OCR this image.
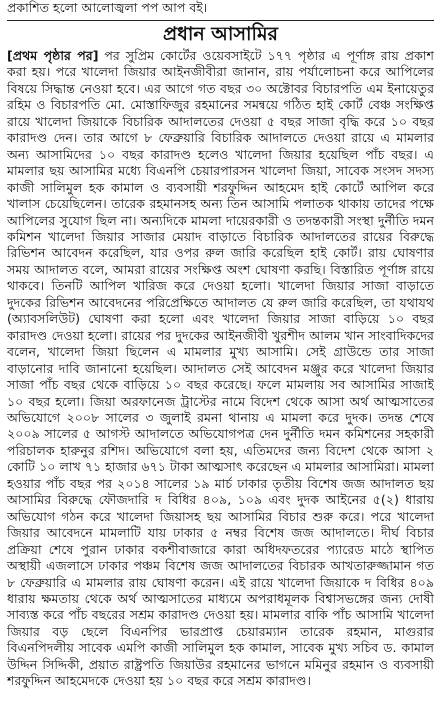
প্রকাশিত হলো আলোজ্বলা পপ আপ বই।
প্রধান আসামির
[প্রথম পৃষ্ঠার পর] পর সুপ্রিম কোর্টের ওয়েবসাইটে ১৭৭ পৃষ্ঠার এ পূর্ণাঙ্গ রায় প্রকাশ করা হয়। পরে খালেদা জিয়ার আইনজীবীরা জানান, রায় পর্যালোচনা করে আপিলের বিষয়ে সিদ্ধান্ত নেওয়া হবে। এর আগে গত বছর ৩০ অক্টোবর বিচারপতি এম ইনায়েতুর রহিম ও বিচারপতি মো. মোস্তাফিজুর রহমানের সমন্বয়ে গঠিত হাই কোর্ট বেঞ্চ সংক্ষিপ্ত রায়ে খালেদা জিয়াকে বিচারিক আদালতের দেওয়া ৫ বছর সাজা বৃদ্ধি করে ১০ বছর কারাদণ্ড দেন। তার আগে ৮ ফেব্রুয়ারি বিচারিক আদালতে দেওয়া রায়ে এ মামলার অন্য আসামিদের ১০ বছর কারাদণ্ড হলেও খালেদা জিয়ার হয়েছিল পাঁচ বছর। এ মামলার ছয় আসামির মধ্যে বিএনপি চেয়ারপারসন খালেদা জিয়া, সাবেক সংসদ সদস্য কাজী সালিমুল হক কামাল ও ব্যবসায়ী শরফুদ্দিন আহমেদ হাই কোর্টে আপিল করে খালাস চেয়েছিলেন। তারেক রহমানসহ অন্য তিন আসামি পলাতক থাকায় তাদের পক্ষে আপিলের সুযোগ ছিল না। অন্যদিকে মামলা দায়েরকারী ও তদন্তকারী সংস্থা দুর্নীতি দমন কমিশন খালেদা জিয়ার সাজার মেয়াদ বাড়াতে বিচারিক আদালতের রায়ের বিরুদ্ধে রিভিশন আবেদন করেছিল, যার ওপর রুল জারি করেছিল হাই কোর্ট। রায় ঘোষণার সময় আদালত বলে, আমরা রায়ের সংক্ষিপ্ত অংশ ঘোষণা করছি। বিস্তারিত পূর্ণাঙ্গ রায়ে থাকবে। তিনটি আপিল খারিজ করে দেওয়া হলো। খালেদা জিয়ার সাজা বাড়াতে দুদকের রিভিশন আবেদনের পরিপ্রেক্ষিতে আদালত যে রুল জারি করেছিল, তা যথাযথ (অ্যাবসলিউট) ঘোষণা করা হলো এবং খালেদা জিয়ার সাজা বাড়িয়ে ১০ বছর কারাদণ্ড দেওয়া হলো। রায়ের পর দুদকের আইনজীবী খুরশীদ আলম খান সাংবাদিকদের বলেন, খালেদা জিয়া ছিলেন এ মামলার মুখ্য আসামি। সেই গ্রাউন্ডে তার সাজা বাড়ানোর দাবি জানানো হয়েছিল। আদালত সেই আবেদন মঞ্জুর করে খালেদা জিয়ার সাজা পাঁচ বছর থেকে বাড়িয়ে ১০ বছর করেছে। ফলে মামলায় সব আসামির সাজাই ১০ বছর হলো। জিয়া অরফানেজ ট্রাস্টের নামে বিদেশ থেকে আসা অর্থ আত্মসাতের অভিযোগে ২০০৮ সালের ৩ জুলাই রমনা থানায় এ মামলা করে দুদক। তদন্ত শেষে ২০০৯ সালের ৫ আগস্ট আদালতে অভিযোগপত্র দেন দুর্নীতি দমন কমিশনের সহকারী পরিচালক হারুনুর রশিদ। অভিযোগে বলা হয়, এতিমদের জন্য বিদেশ থেকে আসা ২ কোটি ১০ লাখ ৭১ হাজার ৬৭১ টাকা আত্মসাৎ করেছেন এ মামলার আসামিরা। মামলা হওয়ার পাঁচ বছর পর ২০১৪ সালের ১৯ মার্চ ঢাকার তৃতীয় বিশেষ জজ আদালত ছয় আসামির বিরুদ্ধে ফৌজদারি দ বিধির ৪০৯, ১০৯ এবং দুদক আইনের ৫(২) ধারায় অভিযোগ গঠন করে খালেদা জিয়াসহ ছয় আসামির বিচার শুরু করে। পরে খালেদা জিয়ার আবেদনে মামলাটি যায় ঢাকার ৫ নম্বর বিশেষ জজ আদালতে। দীর্ঘ বিচার প্রক্রিয়া শেষে পুরান ঢাকার বকশীবাজারে কারা অধিদফতরের প্যারেড মাঠে স্থাপিত অস্থায়ী এজলাসে ঢাকার পঞ্চম বিশেষ জজ আদালতের বিচারক আখতারুজ্জামান গত ৮ ফেব্রুয়ারি এ মামলার রায় ঘোষণা করেন। এই রায়ে খালেদা জিয়াকে দ বিধির ৪০৯ ধারায় ক্ষমতায় থেকে অর্থ আত্মসাতের মাধ্যমে অপরাধমূলক বিশ্বাসভঙ্গের জন্য দোষী সাব্যস্ত করে পাঁচ বছরের সশ্রম কারাদণ্ড দেওয়া হয়। মামলার বাকি পাঁচ আসামি খালেদা জিয়ার বড় ছেলে বিএনপির ভারপ্রাপ্ত চেয়ারম্যান তারেক রহমান, মাগুরার বিএনপিদলীয় সাবেক এমপি কাজী সালিমুল হক কামাল, সাবেক মুখ্য সচিব ড. কামাল উদ্দিন সিদ্দিকী, প্রয়াত রাষ্ট্রপতি জিয়াউর রহমানের ভাগনে মমিনুর রহমান ও ব্যবসায়ী শরফুদ্দিন আহমেদকে দেওয়া হয় ১০ বছর করে সশ্রম কারাদণ্ড।
